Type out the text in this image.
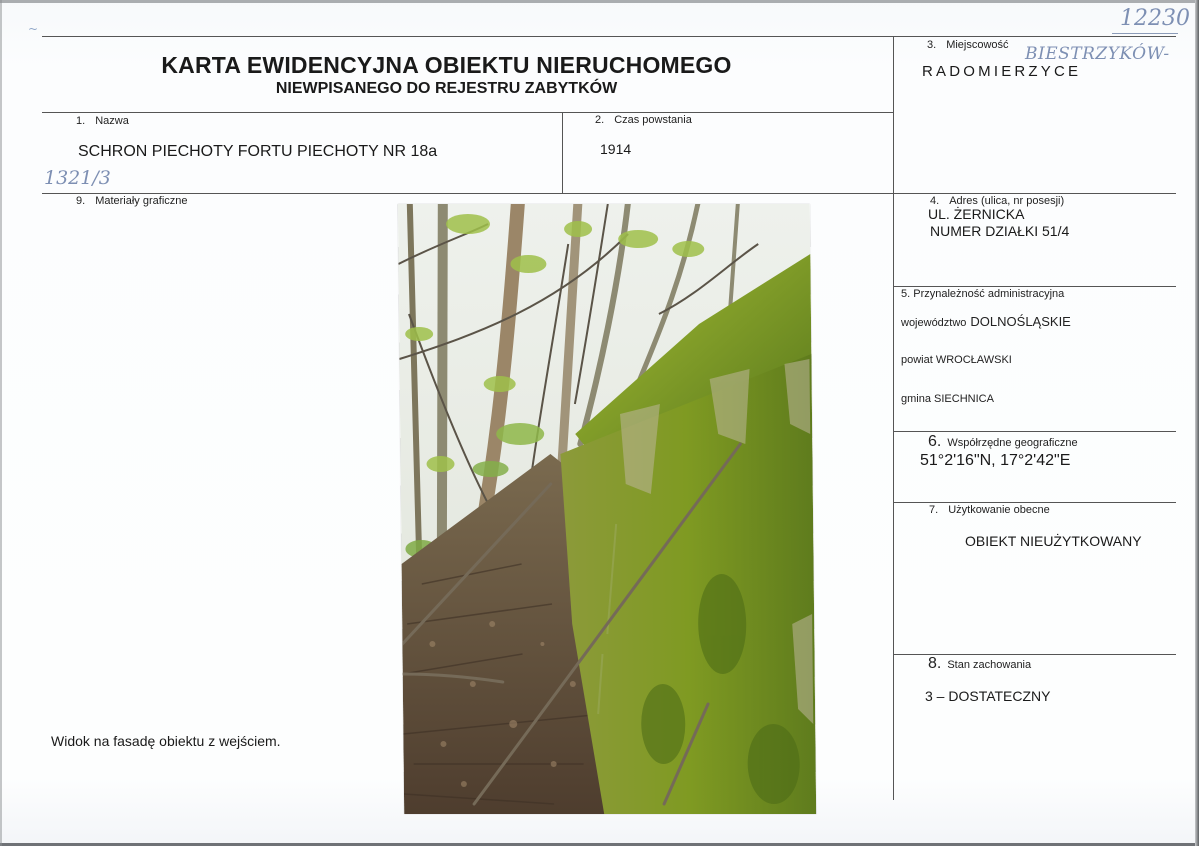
~	12230
BIESTRZYKÓW-
1321/3
KARTA EWIDENCYJNA OBIEKTU NIERUCHOMEGO
NIEWPISANEGO DO REJESTRU ZABYTKÓW
3. Miejscowość
RADOMIERZYCE
1. Nazwa
SCHRON PIECHOTY FORTU PIECHOTY NR 18a
2. Czas powstania
1914
9. Materiały graficzne
Widok na fasadę obiektu z wejściem.
4. Adres (ulica, nr posesji)
UL. ŻERNICKA
NUMER DZIAŁKI 51/4
5. Przynależność administracyjna
województwo DOLNOŚLĄSKIE
powiat WROCŁAWSKI
gmina SIECHNICA
6. Współrzędne geograficzne
51°2'16"N, 17°2'42"E
7. Użytkowanie obecne
OBIEKT NIEUŻYTKOWANY
8. Stan zachowania
3 – DOSTATECZNY
